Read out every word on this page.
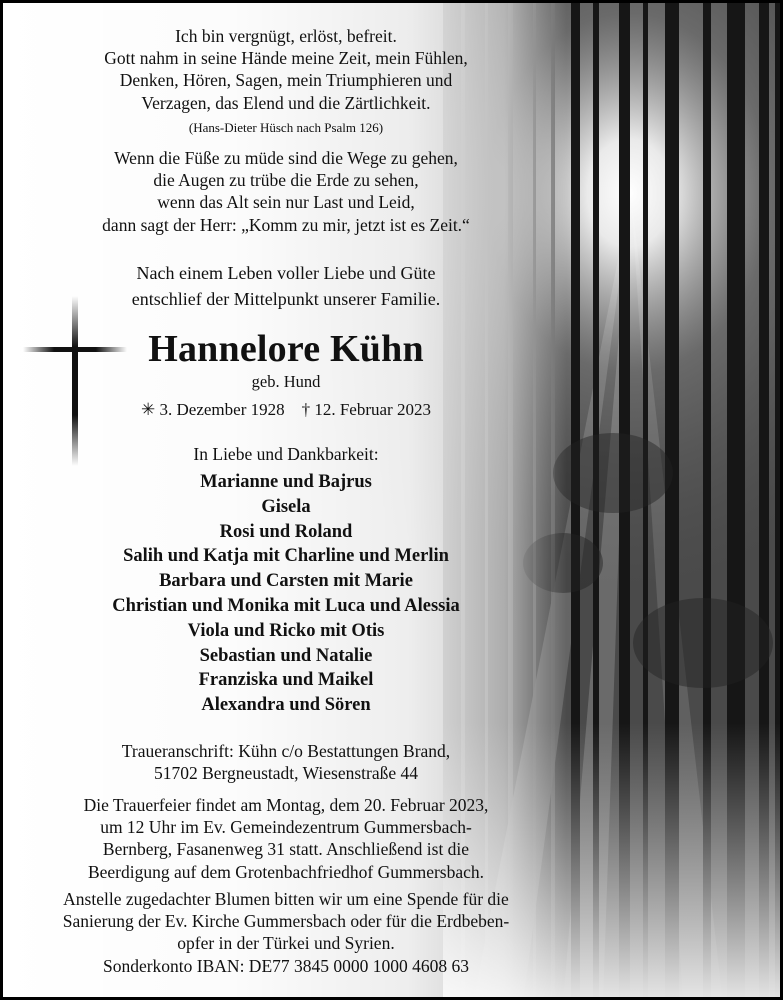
Ich bin vergnügt, erlöst, befreit.
Gott nahm in seine Hände meine Zeit, mein Fühlen,
Denken, Hören, Sagen, mein Triumphieren und
Verzagen, das Elend und die Zärtlichkeit.
(Hans-Dieter Hüsch nach Psalm 126)
Wenn die Füße zu müde sind die Wege zu gehen,
die Augen zu trübe die Erde zu sehen,
wenn das Alt sein nur Last und Leid,
dann sagt der Herr: „Komm zu mir, jetzt ist es Zeit.“
Nach einem Leben voller Liebe und Güte
entschlief der Mittelpunkt unserer Familie.
Hannelore Kühn
geb. Hund
✳ 3. Dezember 1928    † 12. Februar 2023
In Liebe und Dankbarkeit:
Marianne und Bajrus
Gisela
Rosi und Roland
Salih und Katja mit Charline und Merlin
Barbara und Carsten mit Marie
Christian und Monika mit Luca und Alessia
Viola und Ricko mit Otis
Sebastian und Natalie
Franziska und Maikel
Alexandra und Sören
Traueranschrift: Kühn c/o Bestattungen Brand,
51702 Bergneustadt, Wiesenstraße 44
Die Trauerfeier findet am Montag, dem 20. Februar 2023,
um 12 Uhr im Ev. Gemeindezentrum Gummersbach-
Bernberg, Fasanenweg 31 statt. Anschließend ist die
Beerdigung auf dem Grotenbachfriedhof Gummersbach.
Anstelle zugedachter Blumen bitten wir um eine Spende für die
Sanierung der Ev. Kirche Gummersbach oder für die Erdbeben-
opfer in der Türkei und Syrien.
Sonderkonto IBAN: DE77 3845 0000 1000 4608 63
